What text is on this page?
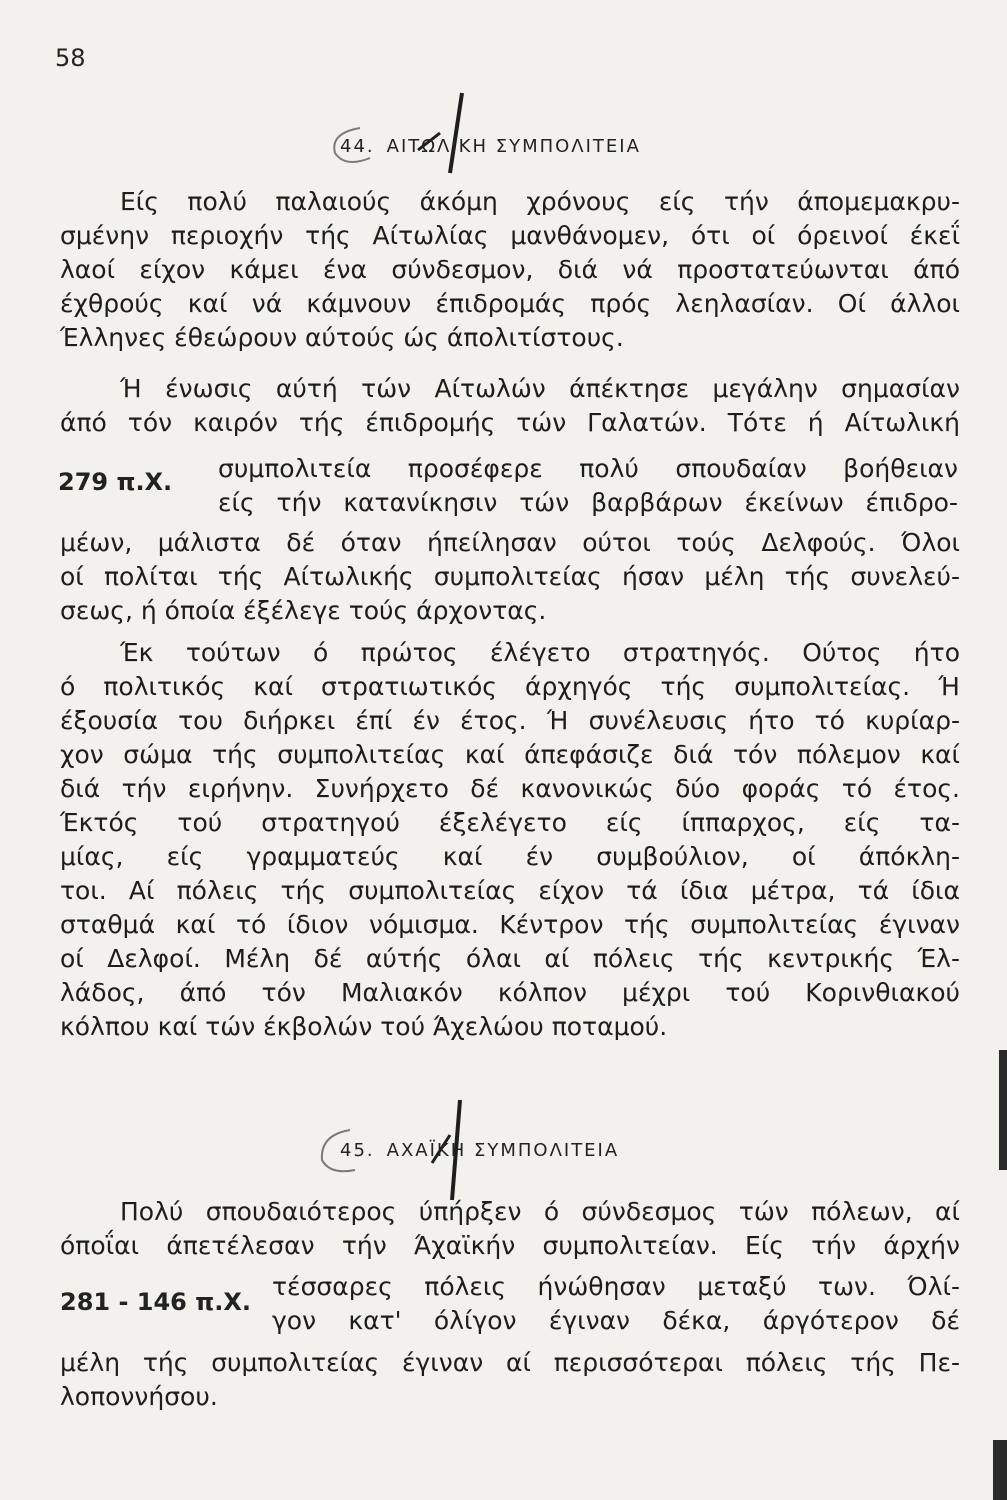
58
44. ΑΙΤΩΛΙΚΗ ΣΥΜΠΟΛΙΤΕΙΑ
Είς πολύ παλαιούς άκόμη χρόνους είς τήν άπομεμακρυ-
σμένην περιοχήν τής Αίτωλίας μανθάνομεν, ότι οί όρεινοί έκεΐ
λαοί είχον κάμει ένα σύνδεσμον, διά νά προστατεύωνται άπό
έχθρούς καί νά κάμνουν έπιδρομάς πρός λεηλασίαν. Οί άλλοι
Έλληνες έθεώρουν αύτούς ώς άπολιτίστους.
Ή ένωσις αύτή τών Αίτωλών άπέκτησε μεγάλην σημασίαν
άπό τόν καιρόν τής έπιδρομής τών Γαλατών. Τότε ή Αίτωλική
279 π.Χ. συμπολιτεία προσέφερε πολύ σπουδαίαν βοήθειαν
είς τήν κατανίκησιν τών βαρβάρων έκείνων έπιδρο-
μέων, μάλιστα δέ όταν ήπείλησαν ούτοι τούς Δελφούς. Όλοι
οί πολίται τής Αίτωλικής συμπολιτείας ήσαν μέλη τής συνελεύ-
σεως, ή όποία έξέλεγε τούς άρχοντας.
Έκ τούτων ό πρώτος έλέγετο στρατηγός. Ούτος ήτο
ό πολιτικός καί στρατιωτικός άρχηγός τής συμπολιτείας. Ή
έξουσία του διήρκει έπί έν έτος. Ή συνέλευσις ήτο τό κυρίαρ-
χον σώμα τής συμπολιτείας καί άπεφάσιζε διά τόν πόλεμον καί
διά τήν ειρήνην. Συνήρχετο δέ κανονικώς δύο φοράς τό έτος.
Έκτός τού στρατηγού έξελέγετο είς ίππαρχος, είς τα-
μίας, είς γραμματεύς καί έν συμβούλιον, οί άπόκλη-
τοι. Αί πόλεις τής συμπολιτείας είχον τά ίδια μέτρα, τά ίδια
σταθμά καί τό ίδιον νόμισμα. Κέντρον τής συμπολιτείας έγιναν
οί Δελφοί. Μέλη δέ αύτής όλαι αί πόλεις τής κεντρικής Έλ-
λάδος, άπό τόν Μαλιακόν κόλπον μέχρι τού Κορινθιακού
κόλπου καί τών έκβολών τού Άχελώου ποταμού.
45. ΑΧΑΪΚΗ ΣΥΜΠΟΛΙΤΕΙΑ
Πολύ σπουδαιότερος ύπήρξεν ό σύνδεσμος τών πόλεων, αί
όποΐαι άπετέλεσαν τήν Άχαϊκήν συμπολιτείαν. Είς τήν άρχήν
281 - 146 π.Χ.
τέσσαρες πόλεις ήνώθησαν μεταξύ των. Όλί-
γον κατ' όλίγον έγιναν δέκα, άργότερον δέ
μέλη τής συμπολιτείας έγιναν αί περισσότεραι πόλεις τής Πε-
λοποννήσου.
